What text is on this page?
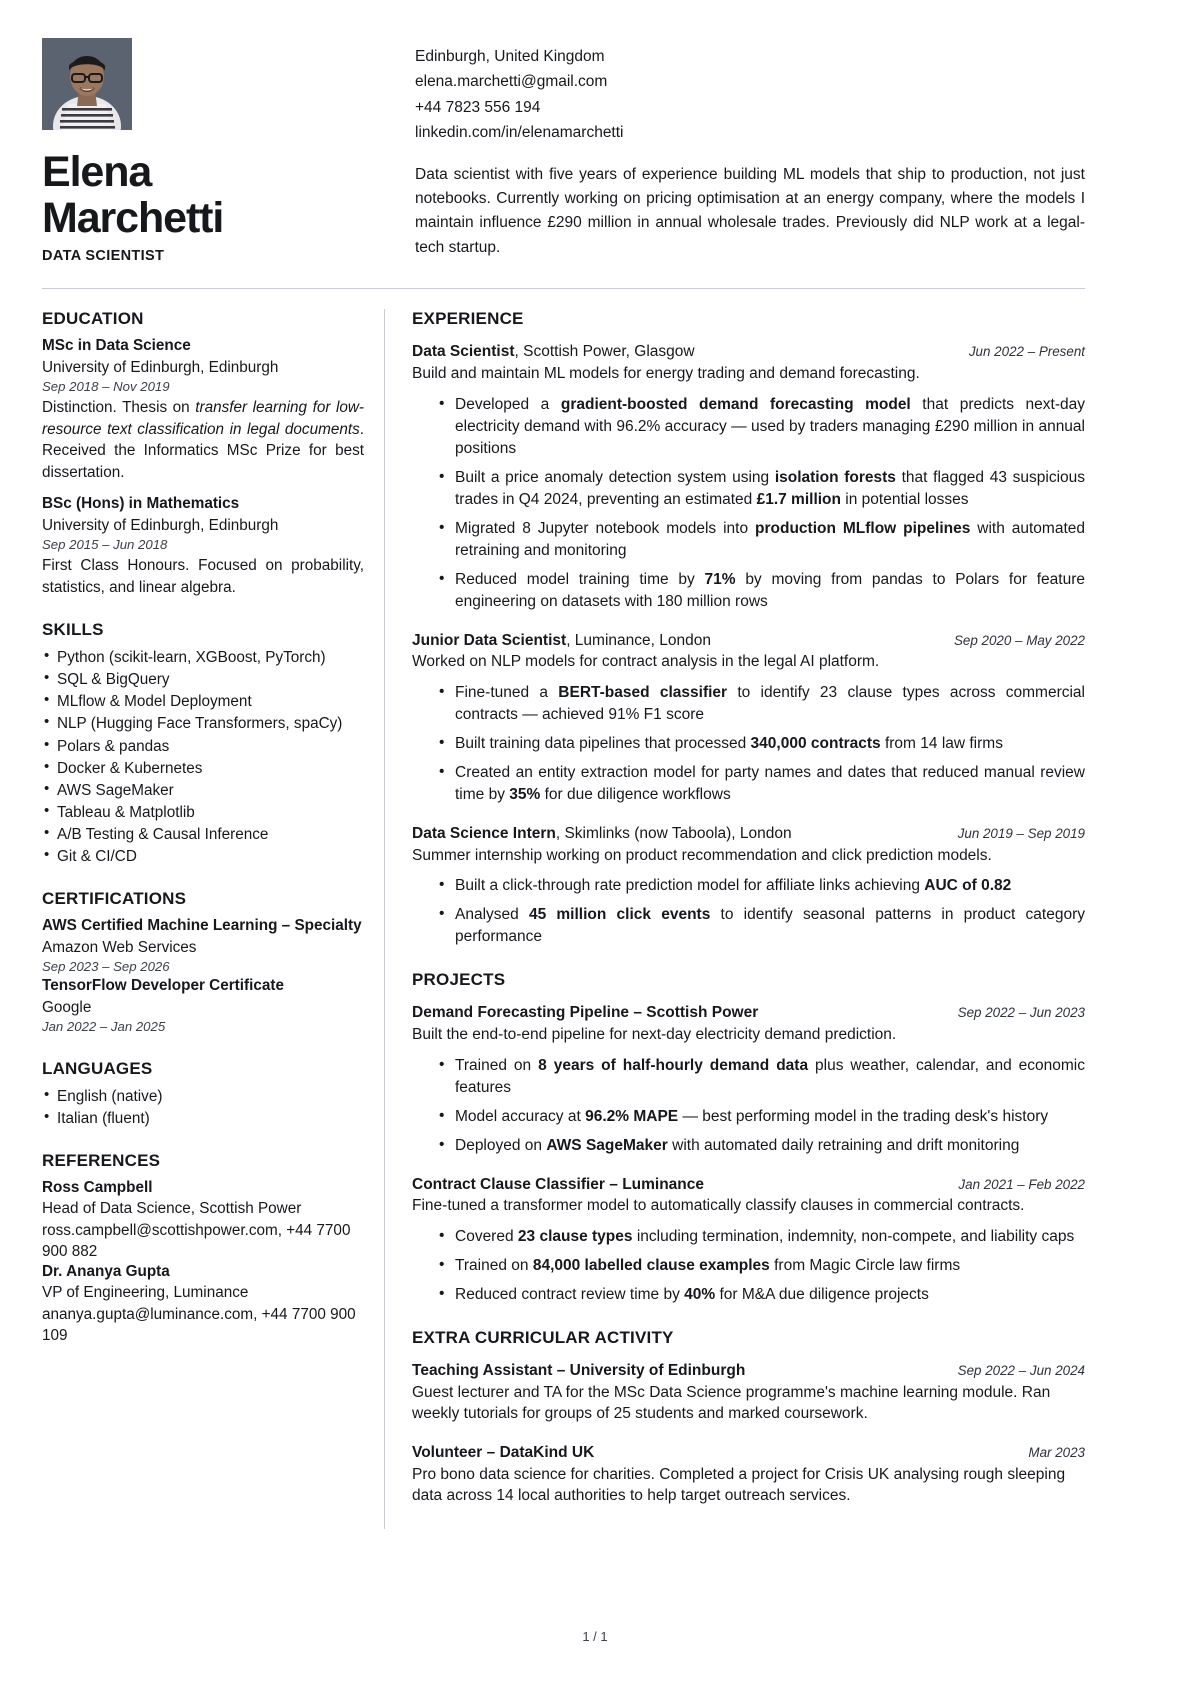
Elena
Marchetti
DATA SCIENTIST
Edinburgh, United Kingdom
elena.marchetti@gmail.com
+44 7823 556 194
linkedin.com/in/elenamarchetti
Data scientist with five years of experience building ML models that ship to production, not just notebooks. Currently working on pricing optimisation at an energy company, where the models I maintain influence £290 million in annual wholesale trades. Previously did NLP work at a legal-tech startup.
EDUCATION
MSc in Data Science
University of Edinburgh, Edinburgh
Sep 2018 – Nov 2019
Distinction. Thesis on transfer learning for low-resource text classification in legal documents. Received the Informatics MSc Prize for best dissertation.
BSc (Hons) in Mathematics
University of Edinburgh, Edinburgh
Sep 2015 – Jun 2018
First Class Honours. Focused on probability, statistics, and linear algebra.
SKILLS
• Python (scikit-learn, XGBoost, PyTorch)
• SQL & BigQuery
• MLflow & Model Deployment
• NLP (Hugging Face Transformers, spaCy)
• Polars & pandas
• Docker & Kubernetes
• AWS SageMaker
• Tableau & Matplotlib
• A/B Testing & Causal Inference
• Git & CI/CD
CERTIFICATIONS
AWS Certified Machine Learning – Specialty
Amazon Web Services
Sep 2023 – Sep 2026
TensorFlow Developer Certificate
Google
Jan 2022 – Jan 2025
LANGUAGES
• English (native)
• Italian (fluent)
REFERENCES
Ross Campbell
Head of Data Science, Scottish Power
ross.campbell@scottishpower.com, +44 7700 900 882
Dr. Ananya Gupta
VP of Engineering, Luminance
ananya.gupta@luminance.com, +44 7700 900 109
EXPERIENCE
Data Scientist, Scottish Power, Glasgow	Jun 2022 – Present
Build and maintain ML models for energy trading and demand forecasting.
• Developed a gradient-boosted demand forecasting model that predicts next-day electricity demand with 96.2% accuracy — used by traders managing £290 million in annual positions
• Built a price anomaly detection system using isolation forests that flagged 43 suspicious trades in Q4 2024, preventing an estimated £1.7 million in potential losses
• Migrated 8 Jupyter notebook models into production MLflow pipelines with automated retraining and monitoring
• Reduced model training time by 71% by moving from pandas to Polars for feature engineering on datasets with 180 million rows
Junior Data Scientist, Luminance, London	Sep 2020 – May 2022
Worked on NLP models for contract analysis in the legal AI platform.
• Fine-tuned a BERT-based classifier to identify 23 clause types across commercial contracts — achieved 91% F1 score
• Built training data pipelines that processed 340,000 contracts from 14 law firms
• Created an entity extraction model for party names and dates that reduced manual review time by 35% for due diligence workflows
Data Science Intern, Skimlinks (now Taboola), London	Jun 2019 – Sep 2019
Summer internship working on product recommendation and click prediction models.
• Built a click-through rate prediction model for affiliate links achieving AUC of 0.82
• Analysed 45 million click events to identify seasonal patterns in product category performance
PROJECTS
Demand Forecasting Pipeline – Scottish Power	Sep 2022 – Jun 2023
Built the end-to-end pipeline for next-day electricity demand prediction.
• Trained on 8 years of half-hourly demand data plus weather, calendar, and economic features
• Model accuracy at 96.2% MAPE — best performing model in the trading desk's history
• Deployed on AWS SageMaker with automated daily retraining and drift monitoring
Contract Clause Classifier – Luminance	Jan 2021 – Feb 2022
Fine-tuned a transformer model to automatically classify clauses in commercial contracts.
• Covered 23 clause types including termination, indemnity, non-compete, and liability caps
• Trained on 84,000 labelled clause examples from Magic Circle law firms
• Reduced contract review time by 40% for M&A due diligence projects
EXTRA CURRICULAR ACTIVITY
Teaching Assistant – University of Edinburgh	Sep 2022 – Jun 2024
Guest lecturer and TA for the MSc Data Science programme's machine learning module. Ran weekly tutorials for groups of 25 students and marked coursework.
Volunteer – DataKind UK	Mar 2023
Pro bono data science for charities. Completed a project for Crisis UK analysing rough sleeping data across 14 local authorities to help target outreach services.
1 / 1
